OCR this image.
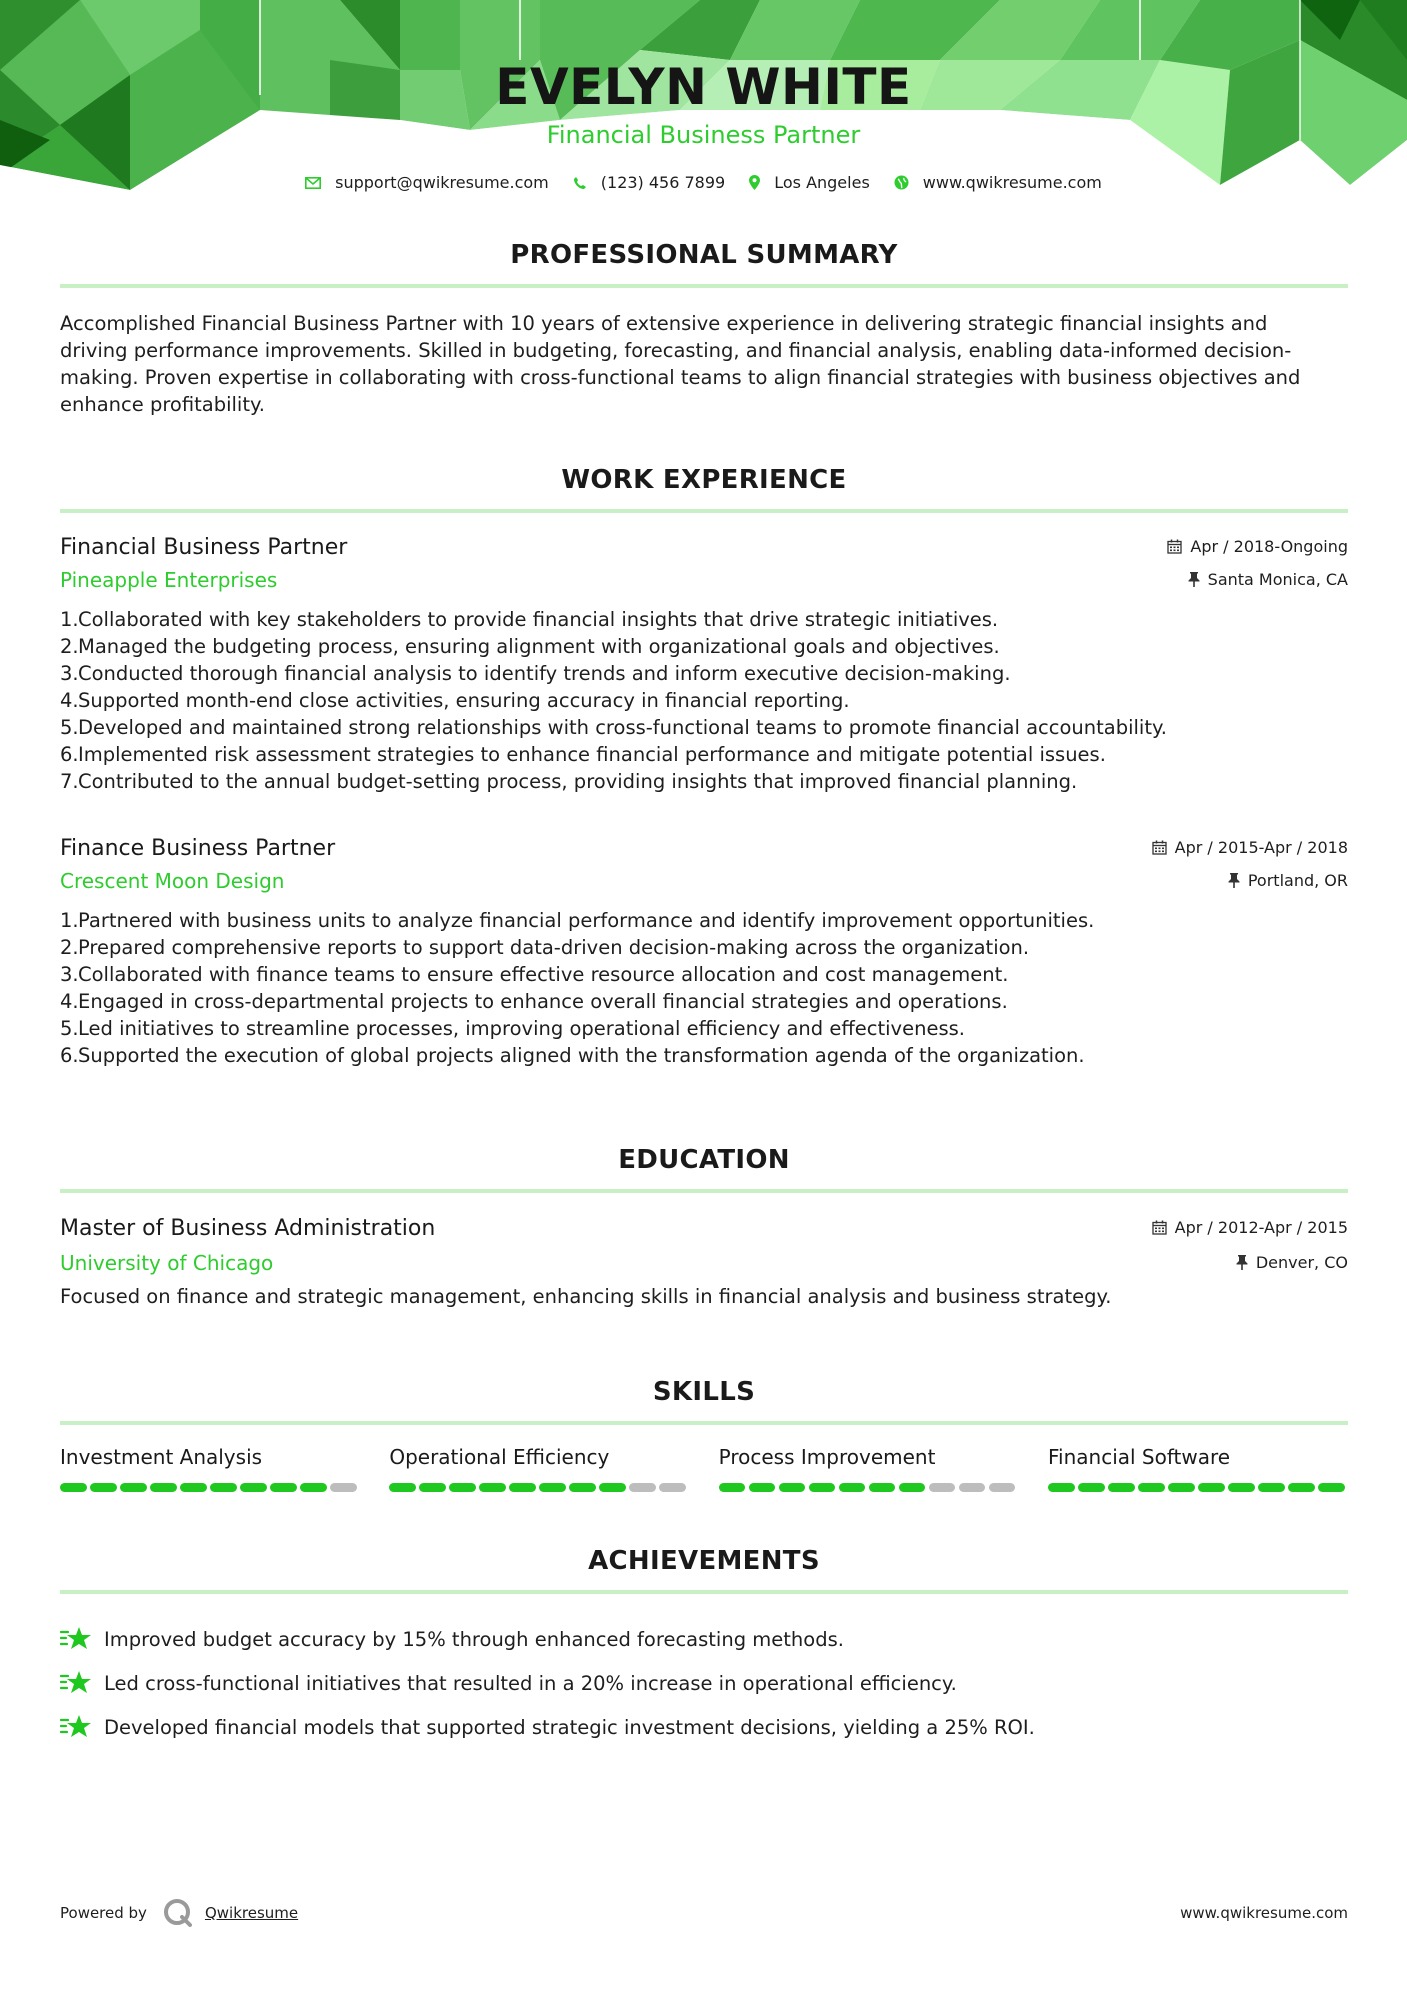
EVELYN WHITE
Financial Business Partner
support@qwikresume.com	(123) 456 7899	Los Angeles	www.qwikresume.com
PROFESSIONAL SUMMARY
Accomplished Financial Business Partner with 10 years of extensive experience in delivering strategic financial insights and
driving performance improvements. Skilled in budgeting, forecasting, and financial analysis, enabling data-informed decision-
making. Proven expertise in collaborating with cross-functional teams to align financial strategies with business objectives and
enhance profitability.
WORK EXPERIENCE
Financial Business Partner	Apr / 2018-Ongoing
Pineapple Enterprises	Santa Monica, CA
1. Collaborated with key stakeholders to provide financial insights that drive strategic initiatives.
2. Managed the budgeting process, ensuring alignment with organizational goals and objectives.
3. Conducted thorough financial analysis to identify trends and inform executive decision-making.
4. Supported month-end close activities, ensuring accuracy in financial reporting.
5. Developed and maintained strong relationships with cross-functional teams to promote financial accountability.
6. Implemented risk assessment strategies to enhance financial performance and mitigate potential issues.
7. Contributed to the annual budget-setting process, providing insights that improved financial planning.
Finance Business Partner	Apr / 2015-Apr / 2018
Crescent Moon Design	Portland, OR
1. Partnered with business units to analyze financial performance and identify improvement opportunities.
2. Prepared comprehensive reports to support data-driven decision-making across the organization.
3. Collaborated with finance teams to ensure effective resource allocation and cost management.
4. Engaged in cross-departmental projects to enhance overall financial strategies and operations.
5. Led initiatives to streamline processes, improving operational efficiency and effectiveness.
6. Supported the execution of global projects aligned with the transformation agenda of the organization.
EDUCATION
Master of Business Administration	Apr / 2012-Apr / 2015
University of Chicago	Denver, CO
Focused on finance and strategic management, enhancing skills in financial analysis and business strategy.
SKILLS
Investment Analysis	Operational Efficiency	Process Improvement	Financial Software
ACHIEVEMENTS
Improved budget accuracy by 15% through enhanced forecasting methods.
Led cross-functional initiatives that resulted in a 20% increase in operational efficiency.
Developed financial models that supported strategic investment decisions, yielding a 25% ROI.
Powered by	Qwikresume	www.qwikresume.com
